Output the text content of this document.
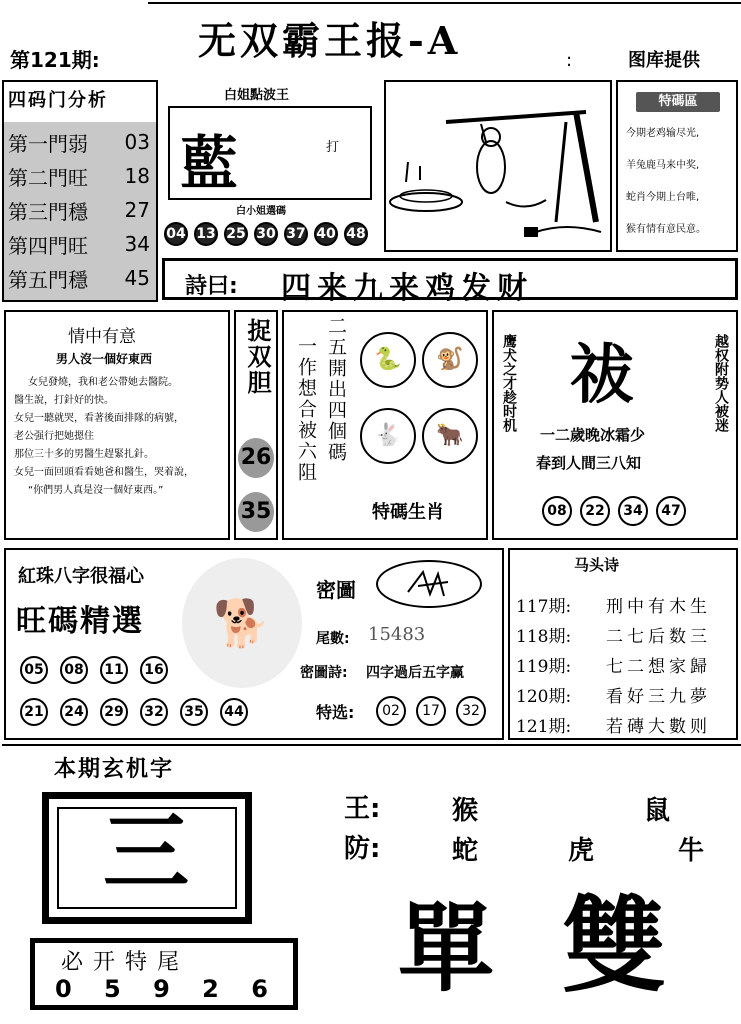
无双霸王报-A
第121期:	:	图库提供
四码门分析
第一門弱 03
第二門旺 18
第三門穩 27
第四門旺 34
第五門穩 45
白姐點波王
藍	打
白小姐選碼
04 13 25 30 37 40 48
特碼區
今期老鸡输尽光,
羊兔鹿马来中奖,
蛇肖今期上台唯,
猴有情有意民意。
詩曰: 四来九来鸡发财
情中有意
男人沒一個好東西

女兒發燒，我和老公帶她去醫院。

醫生說，打針好的快。

女兒一聽就哭，看著後面排隊的病號，

老公强行把她摁住

那位三十多的男醫生趕緊扎針。

女兒一面回頭看看她爸和醫生，哭着說，

“你們男人真是沒一個好東西。”

捉双胆
26
35
一作想合被六阻 二五開出四個碼	🐍	🐒
🐇	🐂
特碼生肖
鹰犬之才趁时机	越权附势人被迷
祓
一二歲晚冰霜少
春到人間三八知
08	22	34	47
紅珠八字很福心
旺碼精選	🐕
05	08	11	16
21	24	29	32	35	44
密圖
尾數: 15483
密圖詩: 四字過后五字赢
特选:	02	17	32
马头诗
117期: 刑中有木生
118期: 二七后数三
119期: 七二想家歸
120期: 看好三九夢
121期: 若磚大數则
本期玄机字
三
必开特尾
0 5 9 2 6
王:	猴	鼠
防:	蛇	虎	牛
單 雙
